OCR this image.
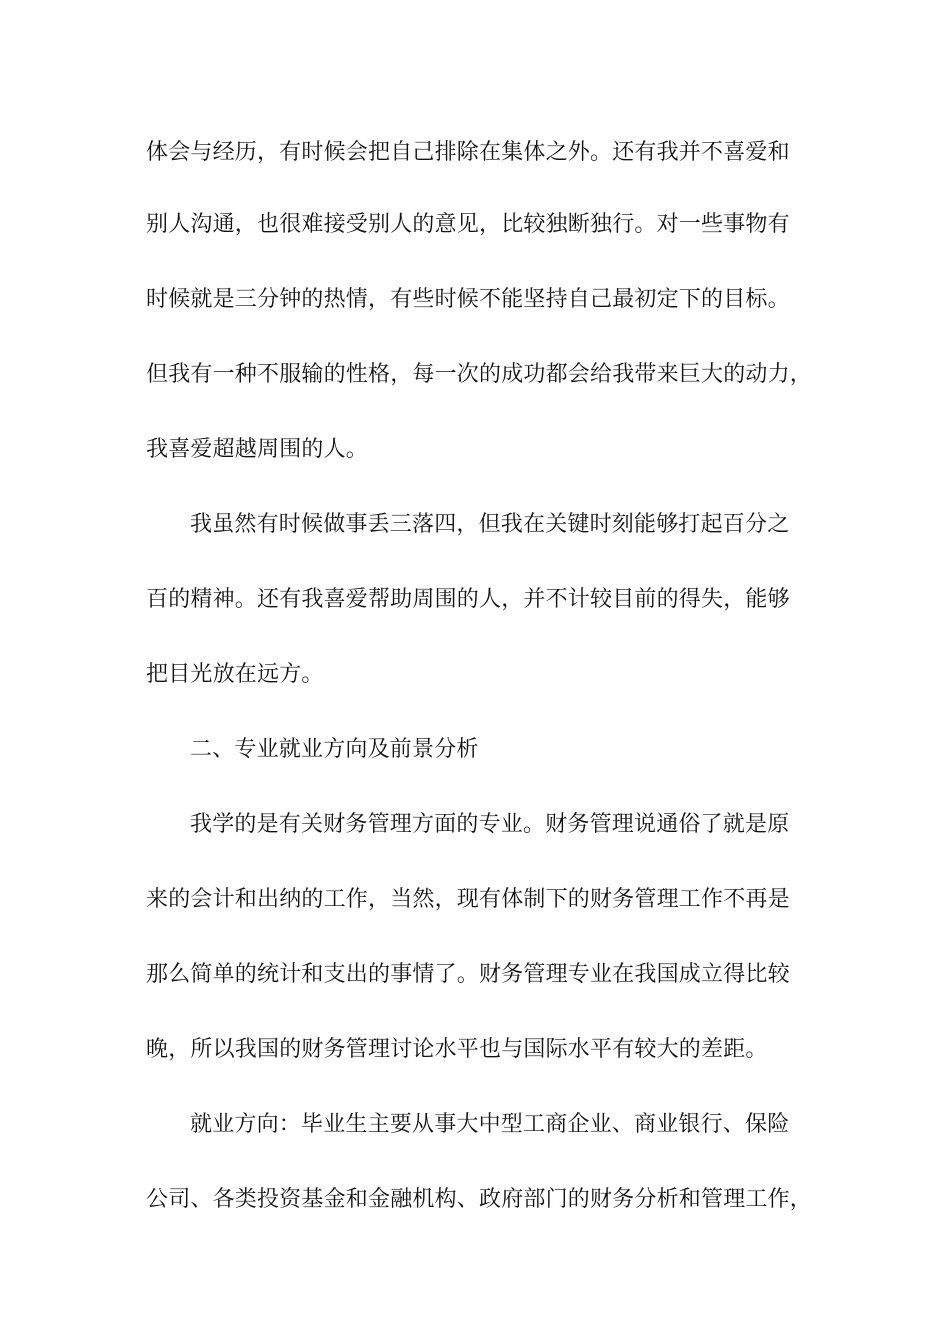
体会与经历，有时候会把自己排除在集体之外。还有我并不喜爱和
别人沟通，也很难接受别人的意见，比较独断独行。对一些事物有
时候就是三分钟的热情，有些时候不能坚持自己最初定下的目标。
但我有一种不服输的性格，每一次的成功都会给我带来巨大的动力，
我喜爱超越周围的人。
我虽然有时候做事丢三落四，但我在关键时刻能够打起百分之
百的精神。还有我喜爱帮助周围的人，并不计较目前的得失，能够
把目光放在远方。
二、专业就业方向及前景分析
我学的是有关财务管理方面的专业。财务管理说通俗了就是原
来的会计和出纳的工作，当然，现有体制下的财务管理工作不再是
那么简单的统计和支出的事情了。财务管理专业在我国成立得比较
晚，所以我国的财务管理讨论水平也与国际水平有较大的差距。
就业方向：毕业生主要从事大中型工商企业、商业银行、保险
公司、各类投资基金和金融机构、政府部门的财务分析和管理工作，
